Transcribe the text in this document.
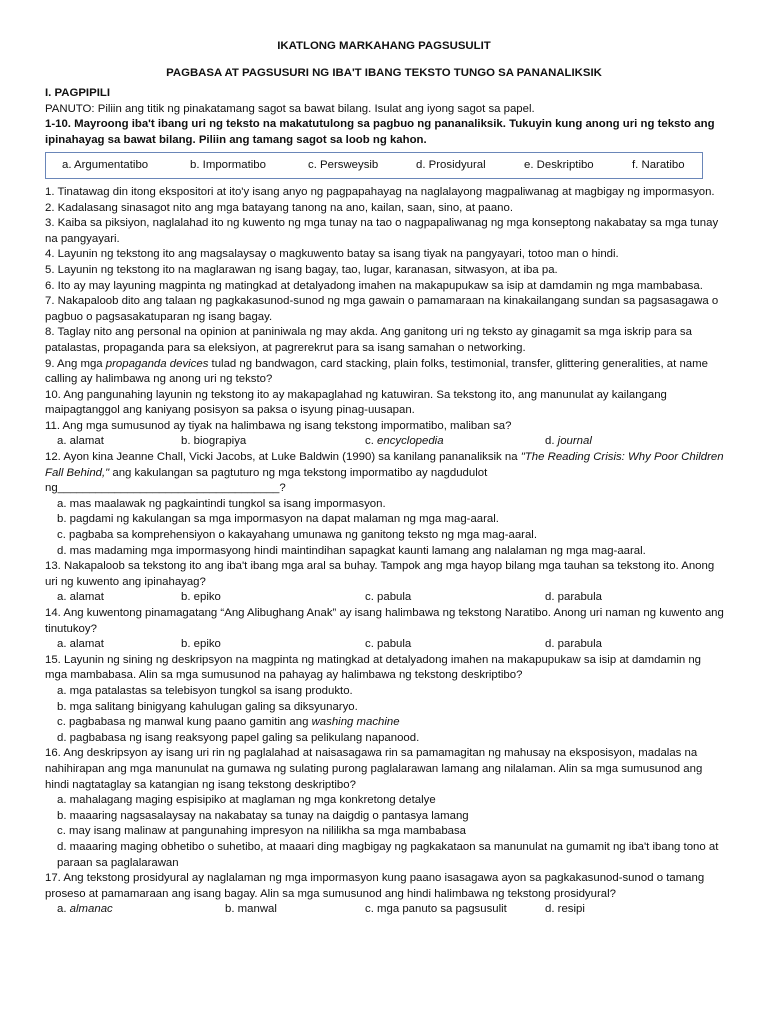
IKATLONG MARKAHANG PAGSUSULIT

PAGBASA AT PAGSUSURI NG IBA'T IBANG TEKSTO TUNGO SA PANANALIKSIK

I. PAGPIPILI

PANUTO: Piliin ang titik ng pinakatamang sagot sa bawat bilang. Isulat ang iyong sagot sa papel.

1-10. Mayroong iba't ibang uri ng teksto na makatutulong sa pagbuo ng pananaliksik. Tukuyin kung anong uri ng teksto ang ipinahayag sa bawat bilang. Piliin ang tamang sagot sa loob ng kahon.

a. Argumentatibo	b. Impormatibo	c. Persweysib	d. Prosidyural	e. Deskriptibo	f. Naratibo

1. Tinatawag din itong ekspositori at ito'y isang anyo ng pagpapahayag na naglalayong magpaliwanag at magbigay ng impormasyon.

2. Kadalasang sinasagot nito ang mga batayang tanong na ano, kailan, saan, sino, at paano.

3. Kaiba sa piksiyon, naglalahad ito ng kuwento ng mga tunay na tao o nagpapaliwanag ng mga konseptong nakabatay sa mga tunay na pangyayari.

4. Layunin ng tekstong ito ang magsalaysay o magkuwento batay sa isang tiyak na pangyayari, totoo man o hindi.

5. Layunin ng tekstong ito na maglarawan ng isang bagay, tao, lugar, karanasan, sitwasyon, at iba pa.

6. Ito ay may layuning magpinta ng matingkad at detalyadong imahen na makapupukaw sa isip at damdamin ng mga mambabasa.

7. Nakapaloob dito ang talaan ng pagkakasunod-sunod ng mga gawain o pamamaraan na kinakailangang sundan sa pagsasagawa o pagbuo o pagsasakatuparan ng isang bagay.

8. Taglay nito ang personal na opinion at paniniwala ng may akda. Ang ganitong uri ng teksto ay ginagamit sa mga iskrip para sa patalastas, propaganda para sa eleksiyon, at pagrerekrut para sa isang samahan o networking.

9. Ang mga propaganda devices tulad ng bandwagon, card stacking, plain folks, testimonial, transfer, glittering generalities, at name calling ay halimbawa ng anong uri ng teksto?

10. Ang pangunahing layunin ng tekstong ito ay makapaglahad ng katuwiran. Sa tekstong ito, ang manunulat ay kailangang maipagtanggol ang kaniyang posisyon sa paksa o isyung pinag-uusapan.

11. Ang mga sumusunod ay tiyak na halimbawa ng isang tekstong impormatibo, maliban sa?

a. alamat	b. biograpiya	c. encyclopedia	d. journal

12. Ayon kina Jeanne Chall, Vicki Jacobs, at Luke Baldwin (1990) sa kanilang pananaliksik na "The Reading Crisis: Why Poor Children Fall Behind," ang kakulangan sa pagtuturo ng mga tekstong impormatibo ay nagdudulot ng___________________________________?

a. mas maalawak ng pagkaintindi tungkol sa isang impormasyon.

b. pagdami ng kakulangan sa mga impormasyon na dapat malaman ng mga mag-aaral.

c. pagbaba sa komprehensiyon o kakayahang umunawa ng ganitong teksto ng mga mag-aaral.

d. mas madaming mga impormasyong hindi maintindihan sapagkat kaunti lamang ang nalalaman ng mga mag-aaral.

13. Nakapaloob sa tekstong ito ang iba't ibang mga aral sa buhay. Tampok ang mga hayop bilang mga tauhan sa tekstong ito. Anong uri ng kuwento ang ipinahayag?

a. alamat	b. epiko	c. pabula	d. parabula

14. Ang kuwentong pinamagatang “Ang Alibughang Anak” ay isang halimbawa ng tekstong Naratibo. Anong uri naman ng kuwento ang tinutukoy?

a. alamat	b. epiko	c. pabula	d. parabula

15. Layunin ng sining ng deskripsyon na magpinta ng matingkad at detalyadong imahen na makapupukaw sa isip at damdamin ng mga mambabasa. Alin sa mga sumusunod na pahayag ay halimbawa ng tekstong deskriptibo?

a. mga patalastas sa telebisyon tungkol sa isang produkto.

b. mga salitang binigyang kahulugan galing sa diksyunaryo.

c. pagbabasa ng manwal kung paano gamitin ang washing machine

d. pagbabasa ng isang reaksyong papel galing sa pelikulang napanood.

16. Ang deskripsyon ay isang uri rin ng paglalahad at naisasagawa rin sa pamamagitan ng mahusay na eksposisyon, madalas na nahihirapan ang mga manunulat na gumawa ng sulating purong paglalarawan lamang ang nilalaman. Alin sa mga sumusunod ang hindi nagtataglay sa katangian ng isang tekstong deskriptibo?

a. mahalagang maging espisipiko at maglaman ng mga konkretong detalye

b. maaaring nagsasalaysay na nakabatay sa tunay na daigdig o pantasya lamang

c. may isang malinaw at pangunahing impresyon na nililikha sa mga mambabasa

d. maaaring maging obhetibo o suhetibo, at maaari ding magbigay ng pagkakataon sa manunulat na gumamit ng iba't ibang tono at paraan sa paglalarawan

17. Ang tekstong prosidyural ay naglalaman ng mga impormasyon kung paano isasagawa ayon sa pagkakasunod-sunod o tamang proseso at pamamaraan ang isang bagay. Alin sa mga sumusunod ang hindi halimbawa ng tekstong prosidyural?

a. almanac	b. manwal	c. mga panuto sa pagsusulit	d. resipi
